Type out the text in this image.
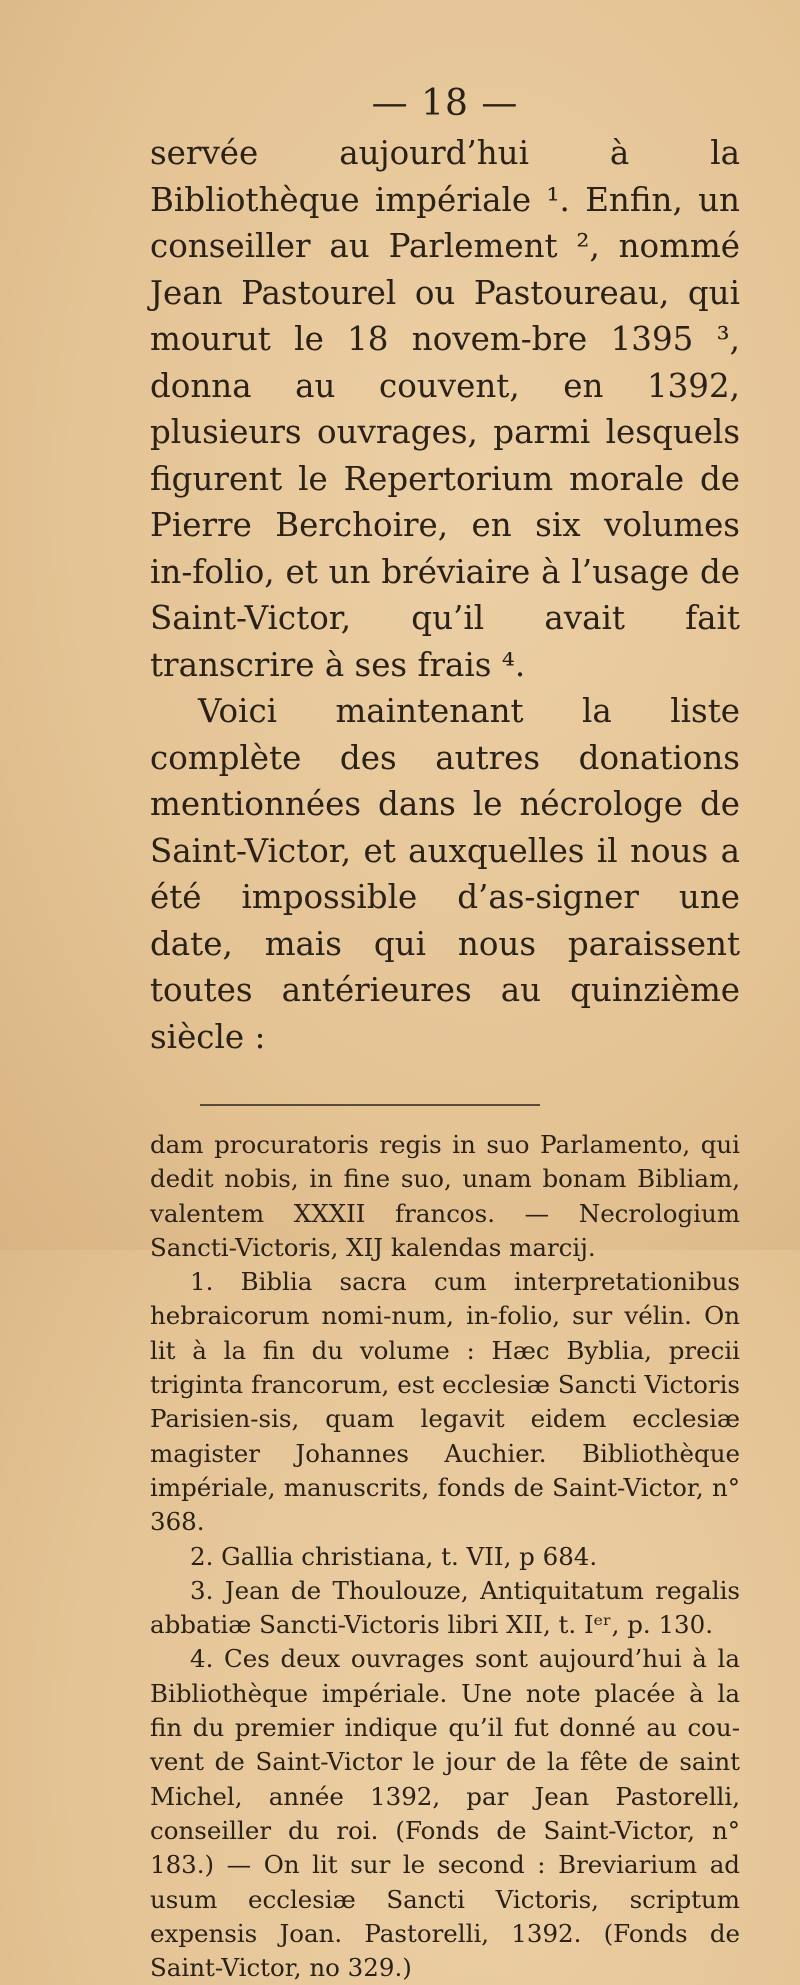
— 18 —

servée aujourd’hui à la Bibliothèque impériale ¹. Enfin, un conseiller au Parlement ², nommé Jean Pastourel ou Pastoureau, qui mourut le 18 novem-bre 1395 ³, donna au couvent, en 1392, plusieurs ouvrages, parmi lesquels figurent le Repertorium morale de Pierre Berchoire, en six volumes in-folio, et un bréviaire à l’usage de Saint-Victor, qu’il avait fait transcrire à ses frais ⁴.

Voici maintenant la liste complète des autres donations mentionnées dans le nécrologe de Saint-Victor, et auxquelles il nous a été impossible d’as-signer une date, mais qui nous paraissent toutes antérieures au quinzième siècle :

dam procuratoris regis in suo Parlamento, qui dedit nobis, in fine suo, unam bonam Bibliam, valentem XXXII francos. — Necrologium Sancti-Victoris, XIJ kalendas marcij.

1. Biblia sacra cum interpretationibus hebraicorum nomi-num, in-folio, sur vélin. On lit à la fin du volume : Hæc Byblia, precii triginta francorum, est ecclesiæ Sancti Victoris Parisien-sis, quam legavit eidem ecclesiæ magister Johannes Auchier. Bibliothèque impériale, manuscrits, fonds de Saint-Victor, n° 368.

2. Gallia christiana, t. VII, p 684.

3. Jean de Thoulouze, Antiquitatum regalis abbatiæ Sancti-Victoris libri XII, t. Iᵉʳ, p. 130.

4. Ces deux ouvrages sont aujourd’hui à la Bibliothèque impériale. Une note placée à la fin du premier indique qu’il fut donné au cou-vent de Saint-Victor le jour de la fête de saint Michel, année 1392, par Jean Pastorelli, conseiller du roi. (Fonds de Saint-Victor, n° 183.) — On lit sur le second : Breviarium ad usum ecclesiæ Sancti Victoris, scriptum expensis Joan. Pastorelli, 1392. (Fonds de Saint-Victor, no 329.)
